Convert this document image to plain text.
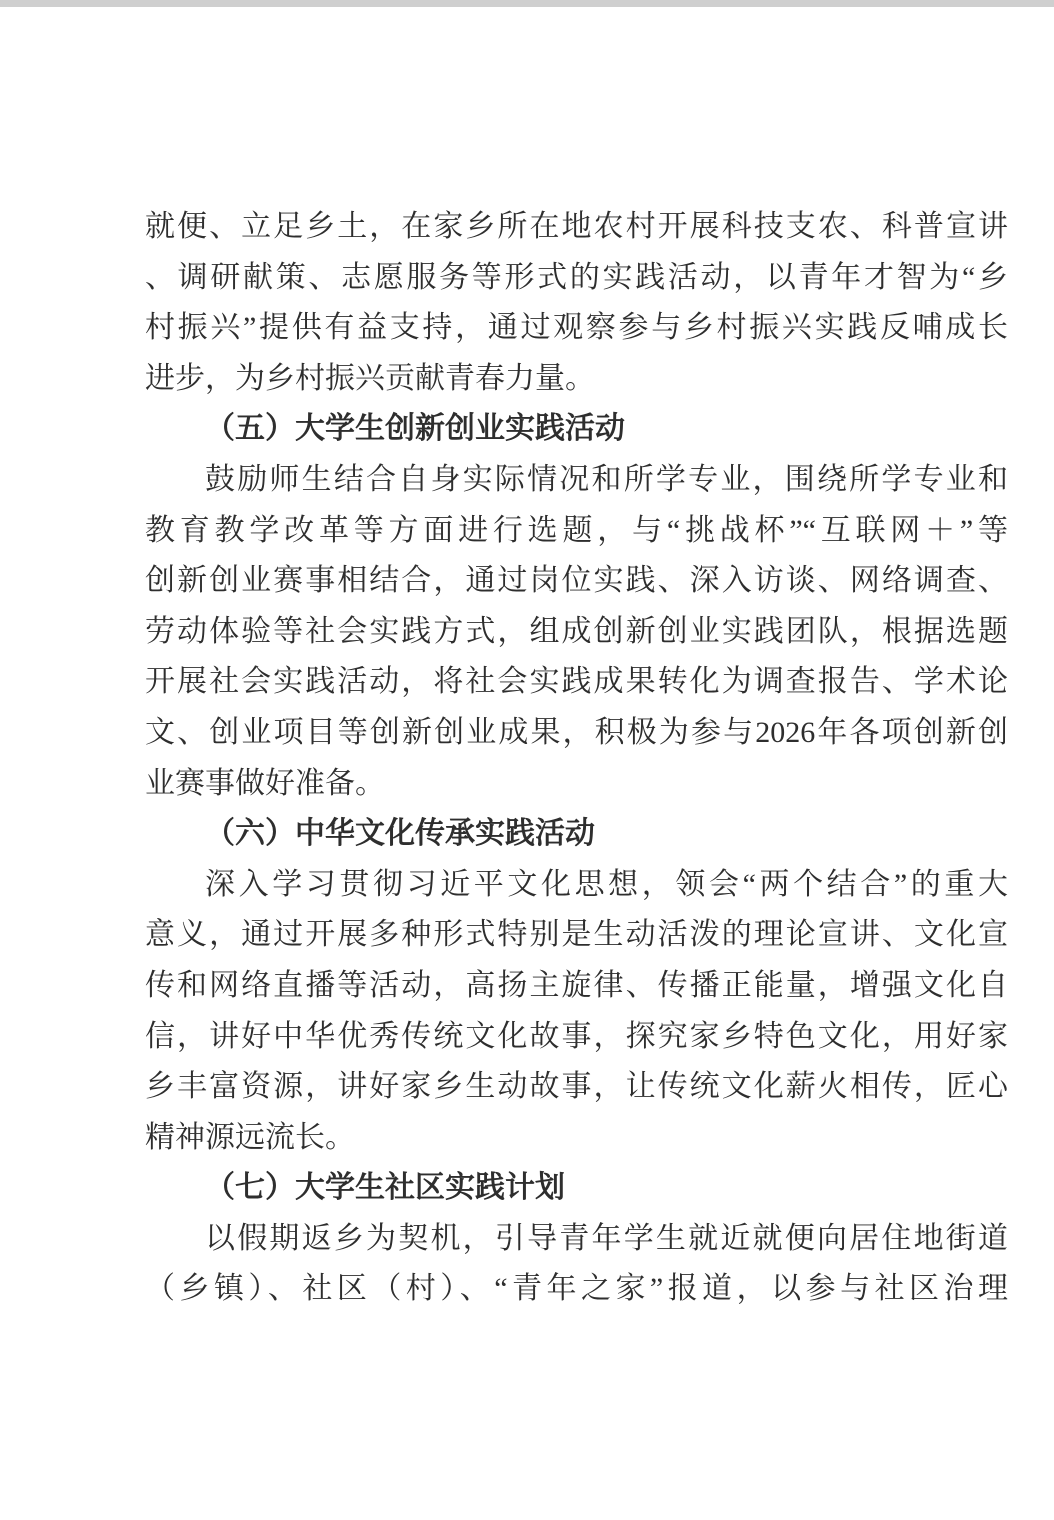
就便、立足乡土，在家乡所在地农村开展科技支农、科普宣讲
、调研献策、志愿服务等形式的实践活动，以青年才智为“乡
村振兴”提供有益支持，通过观察参与乡村振兴实践反哺成长
进步，为乡村振兴贡献青春力量。
（五）大学生创新创业实践活动
鼓励师生结合自身实际情况和所学专业，围绕所学专业和
教育教学改革等方面进行选题，与“挑战杯”“互联网＋”等
创新创业赛事相结合，通过岗位实践、深入访谈、网络调查、
劳动体验等社会实践方式，组成创新创业实践团队，根据选题
开展社会实践活动，将社会实践成果转化为调查报告、学术论
文、创业项目等创新创业成果，积极为参与2026年各项创新创
业赛事做好准备。
（六）中华文化传承实践活动
深入学习贯彻习近平文化思想，领会“两个结合”的重大
意义，通过开展多种形式特别是生动活泼的理论宣讲、文化宣
传和网络直播等活动，高扬主旋律、传播正能量，增强文化自
信，讲好中华优秀传统文化故事，探究家乡特色文化，用好家
乡丰富资源，讲好家乡生动故事，让传统文化薪火相传，匠心
精神源远流长。
（七）大学生社区实践计划
以假期返乡为契机，引导青年学生就近就便向居住地街道
（乡镇）、社区（村）、“青年之家”报道，以参与社区治理
